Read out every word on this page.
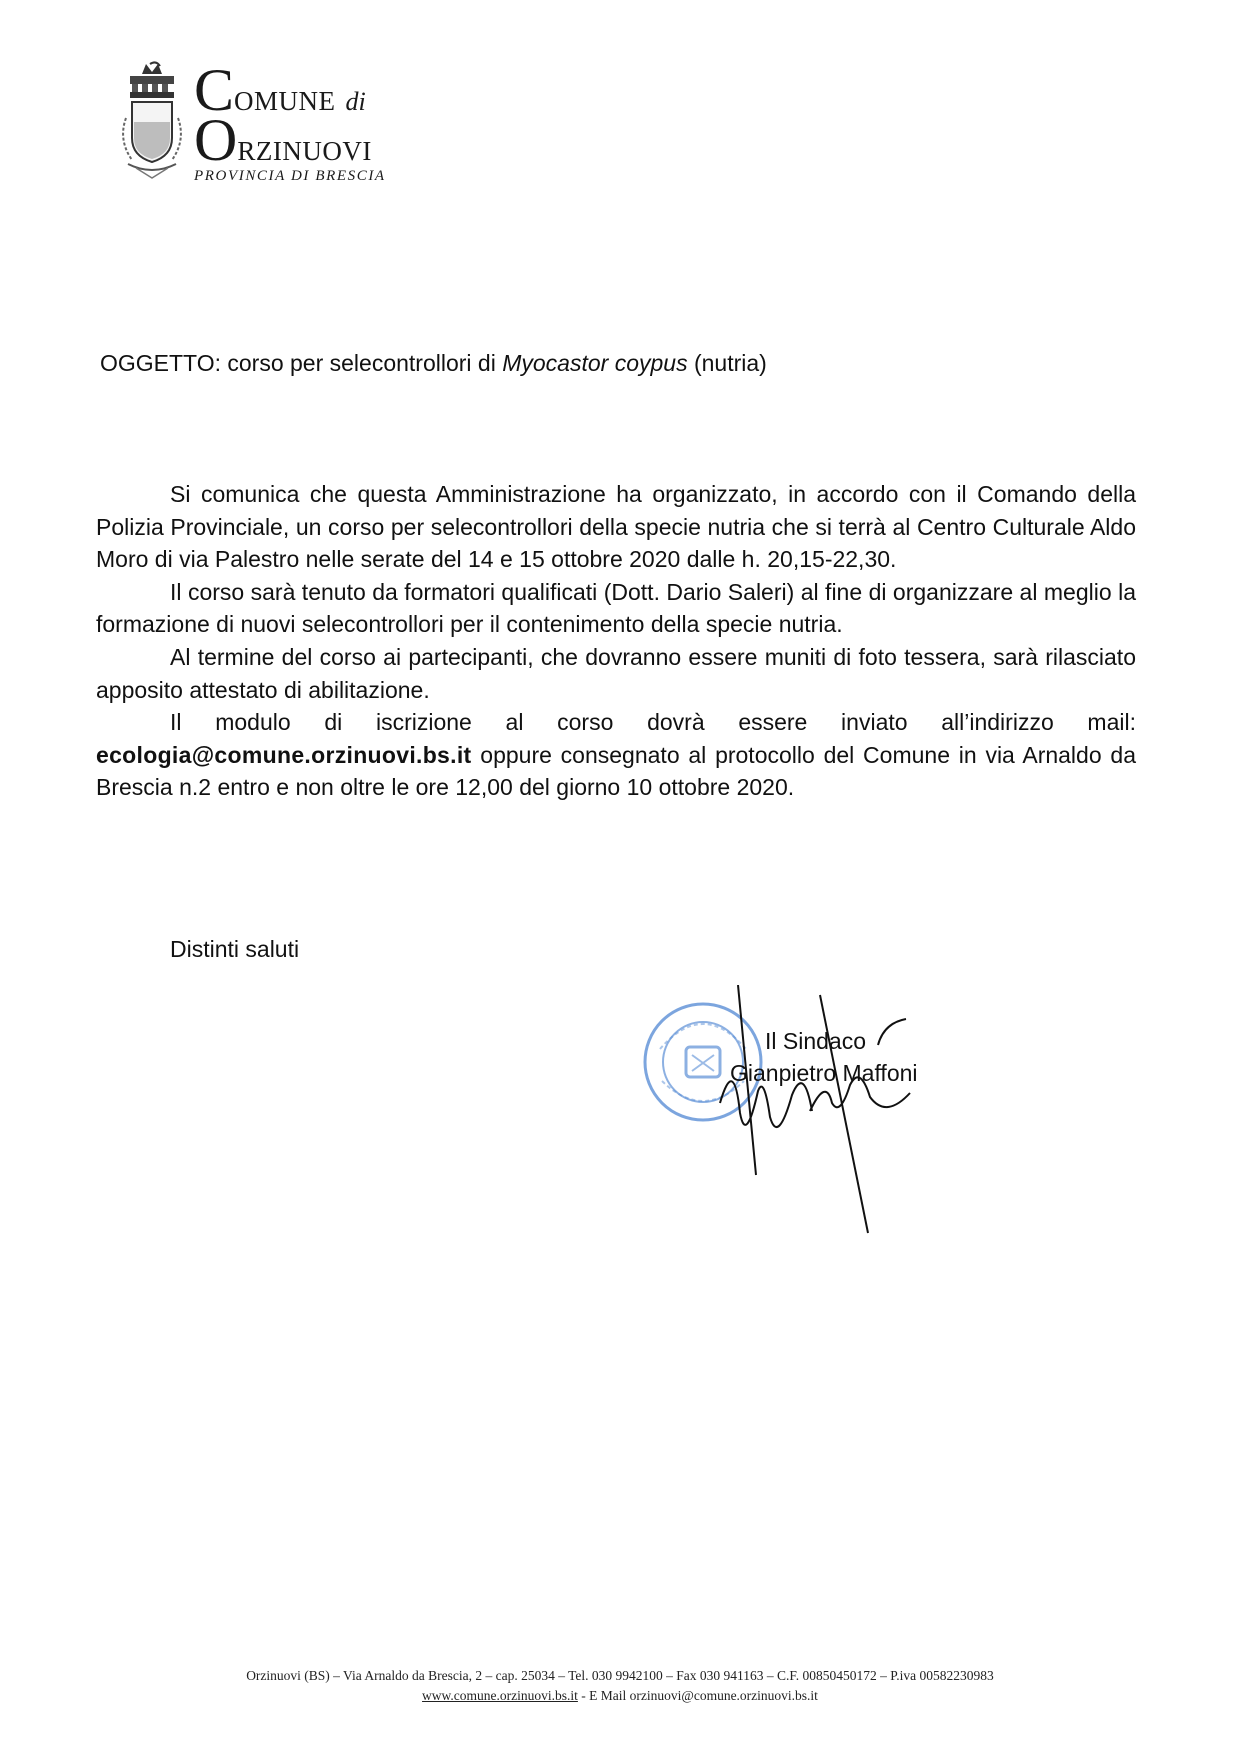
COMUNE di
ORZINUOVI
PROVINCIA DI BRESCIA
OGGETTO: corso per selecontrollori di Myocastor coypus (nutria)

Si comunica che questa Amministrazione ha organizzato, in accordo con il Comando della Polizia Provinciale, un corso per selecontrollori della specie nutria che si terrà al Centro Culturale Aldo Moro di via Palestro nelle serate del 14 e 15 ottobre 2020 dalle h. 20,15-22,30.

Il corso sarà tenuto da formatori qualificati (Dott. Dario Saleri) al fine di organizzare al meglio la formazione di nuovi selecontrollori per il contenimento della specie nutria.

Al termine del corso ai partecipanti, che dovranno essere muniti di foto tessera, sarà rilasciato apposito attestato di abilitazione.

Il modulo di iscrizione al corso dovrà essere inviato all’indirizzo mail: ecologia@comune.orzinuovi.bs.it oppure consegnato al protocollo del Comune in via Arnaldo da Brescia n.2 entro e non oltre le ore 12,00 del giorno 10 ottobre 2020.

Distinti saluti
Il Sindaco
Gianpietro Maffoni
Orzinuovi (BS) – Via Arnaldo da Brescia, 2 – cap. 25034 – Tel. 030 9942100 – Fax 030 941163 – C.F. 00850450172 – P.iva 00582230983
www.comune.orzinuovi.bs.it - E Mail orzinuovi@comune.orzinuovi.bs.it
